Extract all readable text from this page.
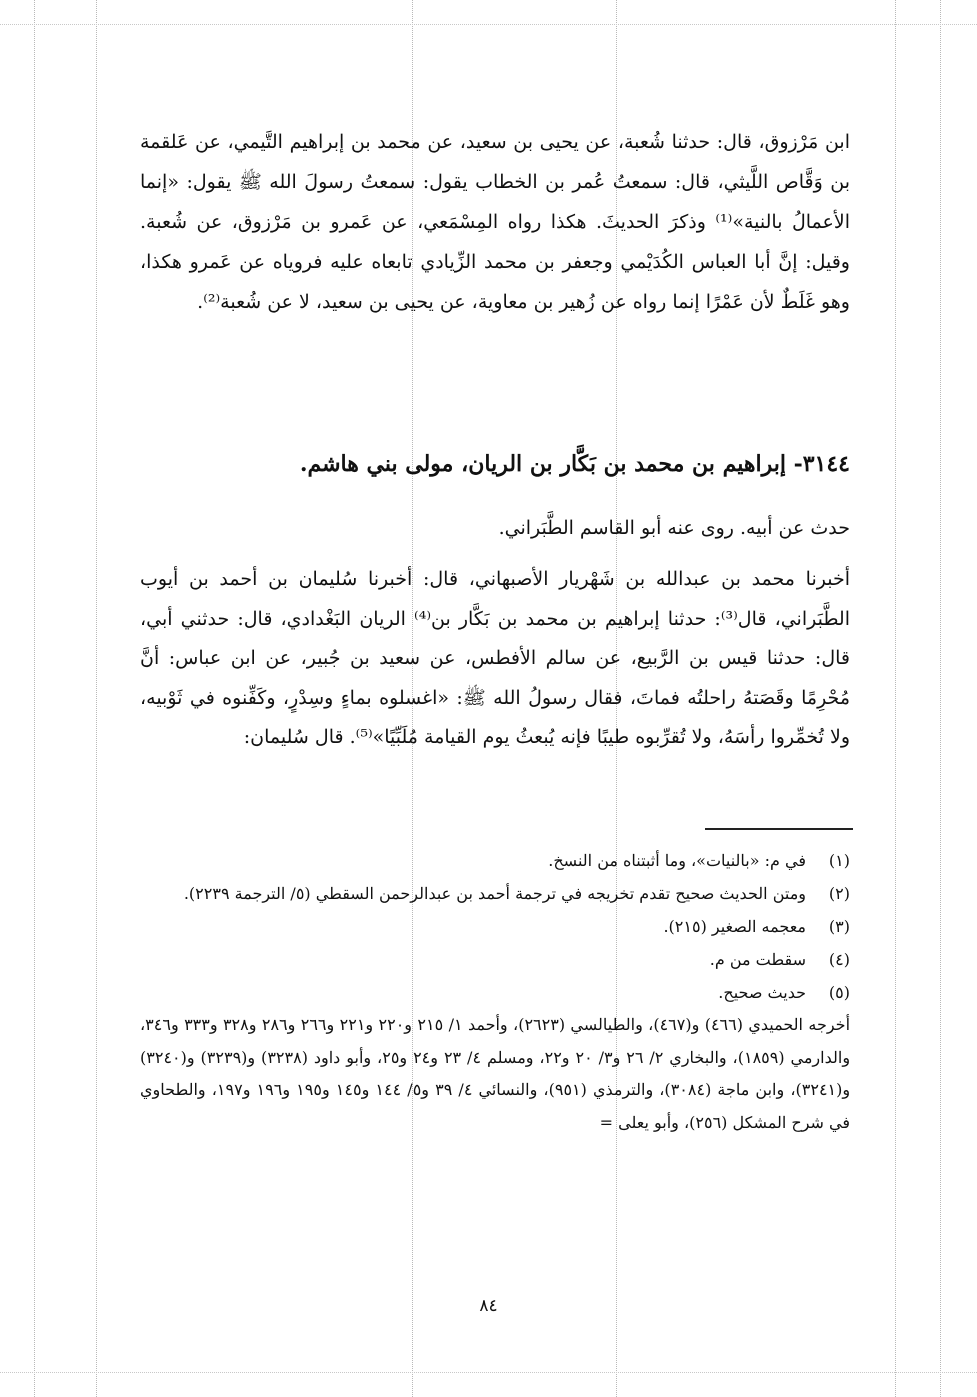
ابن مَرْزوق، قال: حدثنا شُعبة، عن يحيى بن سعيد، عن محمد بن إبراهيم التَّيمي، عن عَلقمة بن وَقَّاص اللَّيثي، قال: سمعتُ عُمر بن الخطاب يقول: سمعتُ رسولَ الله ﷺ يقول: «إنما الأعمالُ بالنية»⁽¹⁾ وذكرَ الحديثَ. هكذا رواه المِسْمَعي، عن عَمرو بن مَرْزوق، عن شُعبة. وقيل: إنَّ أبا العباس الكُدَيْمي وجعفر بن محمد الزِّيادي تابعاه عليه فروياه عن عَمرو هكذا، وهو غَلَطٌ لأن عَمْرًا إنما رواه عن زُهير بن معاوية، عن يحيى بن سعيد، لا عن شُعبة⁽²⁾.

٣١٤٤- إبراهيم بن محمد بن بَكَّار بن الريان، مولى بني هاشم.

حدث عن أبيه. روى عنه أبو القاسم الطَّبَراني.

أخبرنا محمد بن عبدالله بن شَهْريار الأصبهاني، قال: أخبرنا سُليمان بن أحمد بن أيوب الطَّبَراني، قال⁽³⁾: حدثنا إبراهيم بن محمد بن بَكَّار بن⁽⁴⁾ الريان البَغْدادي، قال: حدثني أبي، قال: حدثنا قيس بن الرَّبيع، عن سالم الأفطس، عن سعيد بن جُبير، عن ابن عباس: أنَّ مُحْرِمًا وقَصَتهُ راحلتُه فماتَ، فقال رسولُ الله ﷺ: «اغسلوه بماءٍ وسِدْرٍ، وكَفِّنوه في ثَوْبيه، ولا تُخمِّروا رأسَهُ، ولا تُقرِّبوه طيبًا فإنه يُبعثُ يوم القيامة مُلَبِّيًا»⁽⁵⁾. قال سُليمان:

(١)
في م: «بالنيات»، وما أثبتناه من النسخ.
(٢)
ومتن الحديث صحيح تقدم تخريجه في ترجمة أحمد بن عبدالرحمن السقطي (٥/ الترجمة ٢٢٣٩).
(٣)
معجمه الصغير (٢١٥).
(٤)
سقطت من م.
(٥)
حديث صحيح.

أخرجه الحميدي (٤٦٦) و(٤٦٧)، والطيالسي (٢٦٢٣)، وأحمد ١/ ٢١٥ و٢٢٠ و٢٢١ و٢٦٦ و٢٨٦ و٣٢٨ و٣٣٣ و٣٤٦، والدارمي (١٨٥٩)، والبخاري ٢/ ٢٦ و٣/ ٢٠ و٢٢، ومسلم ٤/ ٢٣ و٢٤ و٢٥، وأبو داود (٣٢٣٨) و(٣٢٣٩) و(٣٢٤٠) و(٣٢٤١)، وابن ماجة (٣٠٨٤)، والترمذي (٩٥١)، والنسائي ٤/ ٣٩ و٥/ ١٤٤ و١٤٥ و١٩٥ و١٩٦ و١٩٧، والطحاوي في شرح المشكل (٢٥٦)، وأبو يعلى =

٨٤
